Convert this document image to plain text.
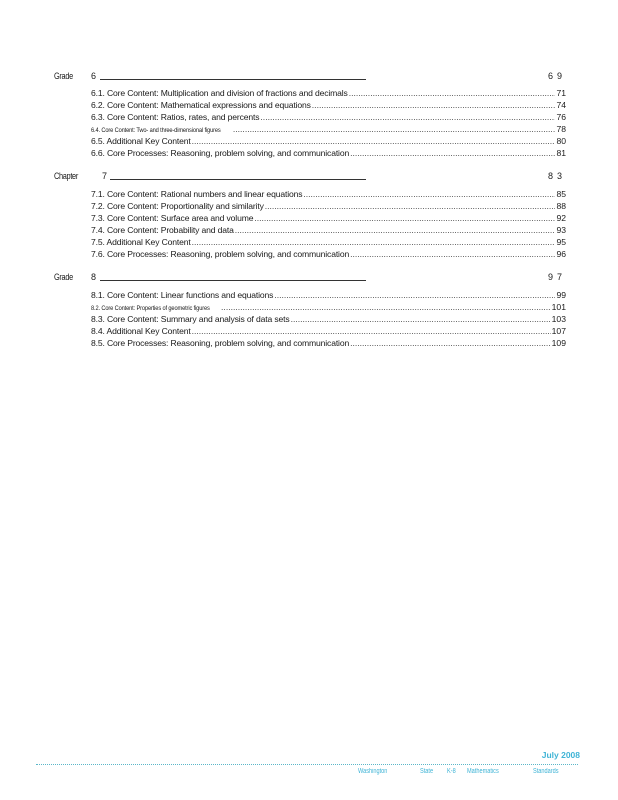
Grade 6	69
6.1. Core Content: Multiplication and division of fractions and decimals .....	71
6.2. Core Content: Mathematical expressions and equations .....	74
6.3. Core Content: Ratios, rates, and percents .....	76
6.4. Core Content: Two- and three-dimensional figures .....	78
6.5. Additional Key Content .....	80
6.6. Core Processes: Reasoning, problem solving, and communication .....	81
Chapter	7	83
7.1. Core Content: Rational numbers and linear equations .....	85
7.2. Core Content: Proportionality and similarity .....	88
7.3. Core Content: Surface area and volume .....	92
7.4. Core Content: Probability and data .....	93
7.5. Additional Key Content .....	95
7.6. Core Processes: Reasoning, problem solving, and communication .....	96
Grade 8	97
8.1. Core Content: Linear functions and equations .....	99
8.2. Core Content: Properties of geometric figures .....	101
8.3. Core Content: Summary and analysis of data sets .....	103
8.4. Additional Key Content .....	107
8.5. Core Processes: Reasoning, problem solving, and communication .....	109
July 2008
Washington	State K-8 Mathematics	Standards
